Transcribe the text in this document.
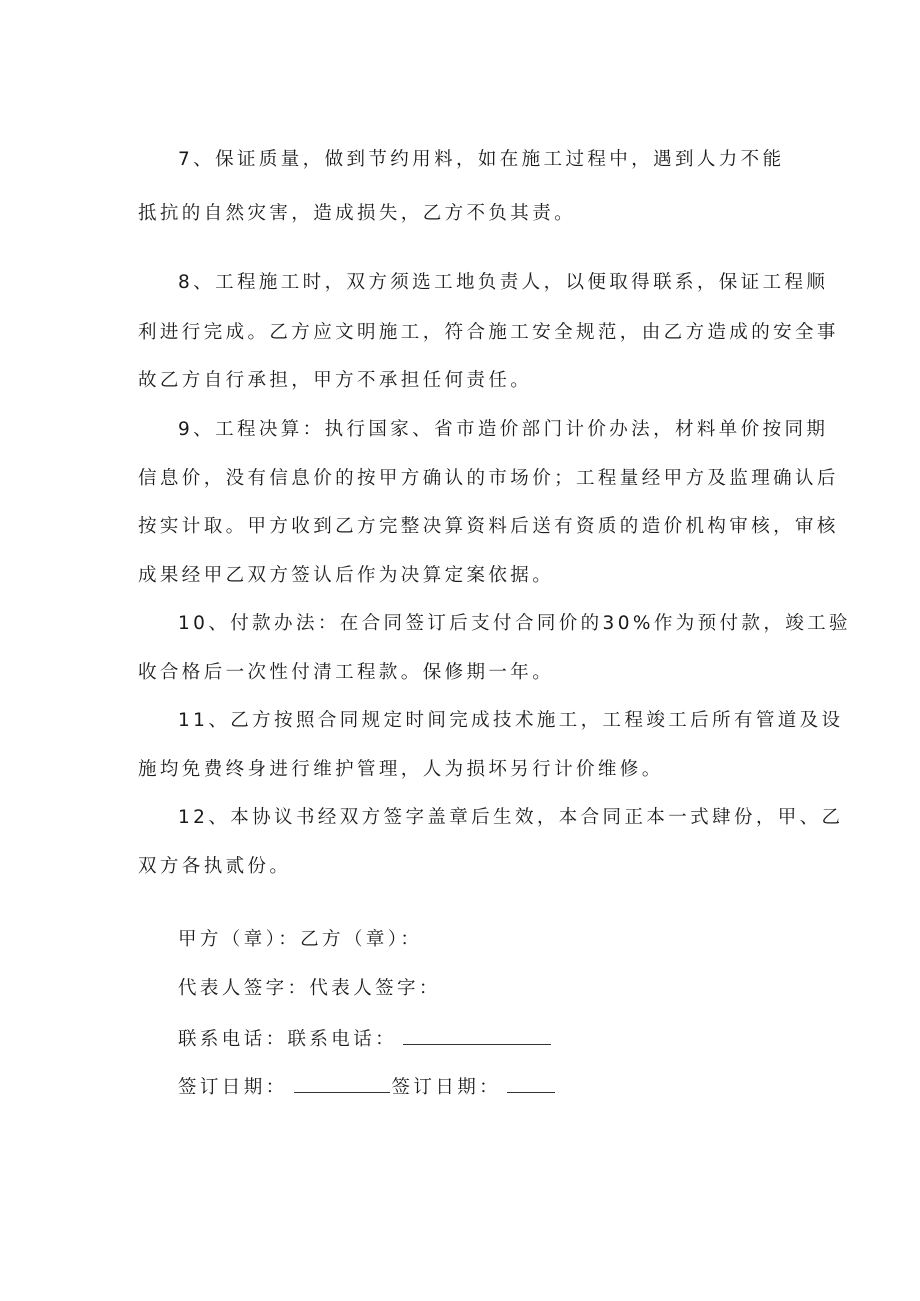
7、保证质量，做到节约用料，如在施工过程中，遇到人力不能
抵抗的自然灾害，造成损失，乙方不负其责。
8、工程施工时，双方须选工地负责人，以便取得联系，保证工程顺
利进行完成。乙方应文明施工，符合施工安全规范，由乙方造成的安全事
故乙方自行承担，甲方不承担任何责任。
9、工程决算：执行国家、省市造价部门计价办法，材料单价按同期
信息价，没有信息价的按甲方确认的市场价；工程量经甲方及监理确认后
按实计取。甲方收到乙方完整决算资料后送有资质的造价机构审核，审核
成果经甲乙双方签认后作为决算定案依据。
10、付款办法：在合同签订后支付合同价的30%作为预付款，竣工验
收合格后一次性付清工程款。保修期一年。
11、乙方按照合同规定时间完成技术施工，工程竣工后所有管道及设
施均免费终身进行维护管理，人为损坏另行计价维修。
12、本协议书经双方签字盖章后生效，本合同正本一式肆份，甲、乙
双方各执贰份。
甲方（章）：乙方（章）：
代表人签字：代表人签字：
联系电话：联系电话：
签订日期：	签订日期：
